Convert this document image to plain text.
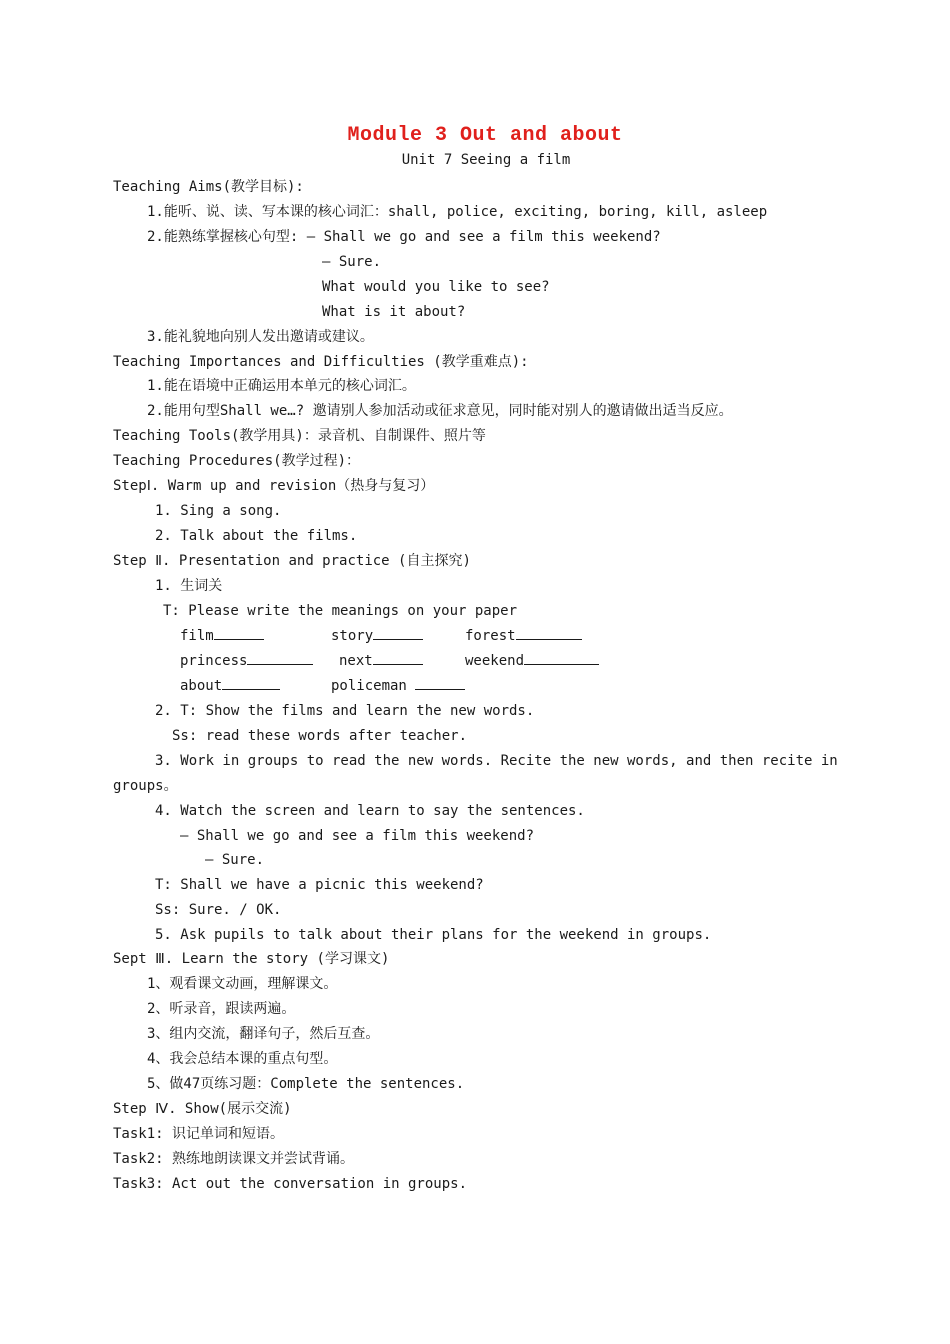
Module 3 Out and about
Unit 7 Seeing a film
Teaching Aims(教学目标):
1.能听、说、读、写本课的核心词汇：shall, police, exciting, boring, kill, asleep
2.能熟练掌握核心句型: — Shall we go and see a film this weekend?
— Sure.
What would you like to see?
What is it about?
3.能礼貌地向别人发出邀请或建议。
Teaching Importances and Difficulties (教学重难点):
1.能在语境中正确运用本单元的核心词汇。
2.能用句型Shall we…? 邀请别人参加活动或征求意见，同时能对别人的邀请做出适当反应。
Teaching Tools(教学用具)：录音机、自制课件、照片等
Teaching Procedures(教学过程)：
StepⅠ. Warm up and revision（热身与复习）
1. Sing a song.
2. Talk about the films.
Step Ⅱ. Presentation and practice (自主探究)
1. 生词关
T: Please write the meanings on your paper
film	story	forest
princess	next	weekend
about	policeman
2. T: Show the films and learn the new words.
Ss: read these words after teacher.
3. Work in groups to read the new words. Recite the new words, and then recite in
groups。
4. Watch the screen and learn to say the sentences.
— Shall we go and see a film this weekend?
— Sure.
T: Shall we have a picnic this weekend?
Ss: Sure. / OK.
5. Ask pupils to talk about their plans for the weekend in groups.
Sept Ⅲ. Learn the story (学习课文)
1、观看课文动画，理解课文。
2、听录音，跟读两遍。
3、组内交流，翻译句子，然后互查。
4、我会总结本课的重点句型。
5、做47页练习题：Complete the sentences.
Step Ⅳ. Show(展示交流)
Task1: 识记单词和短语。
Task2: 熟练地朗读课文并尝试背诵。
Task3: Act out the conversation in groups.
